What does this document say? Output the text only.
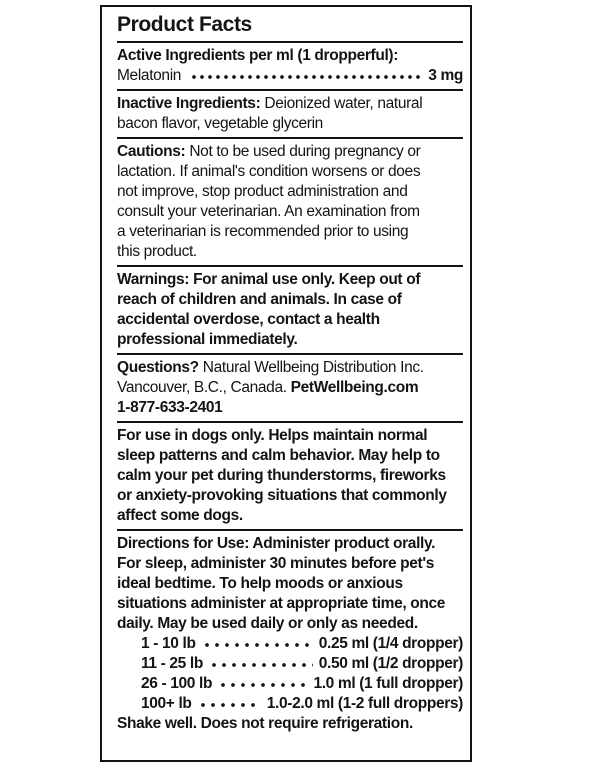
Product Facts
Active Ingredients per ml (1 dropperful):
Melatonin	3 mg
Inactive Ingredients: Deionized water, natural
bacon flavor, vegetable glycerin
Cautions: Not to be used during pregnancy or
lactation. If animal's condition worsens or does
not improve, stop product administration and
consult your veterinarian. An examination from
a veterinarian is recommended prior to using
this product.
Warnings: For animal use only. Keep out of
reach of children and animals. In case of
accidental overdose, contact a health
professional immediately.
Questions? Natural Wellbeing Distribution Inc.
Vancouver, B.C., Canada. PetWellbeing.com
1-877-633-2401
For use in dogs only. Helps maintain normal
sleep patterns and calm behavior. May help to
calm your pet during thunderstorms, fireworks
or anxiety-provoking situations that commonly
affect some dogs.
Directions for Use: Administer product orally.
For sleep, administer 30 minutes before pet's
ideal bedtime. To help moods or anxious
situations administer at appropriate time, once
daily. May be used daily or only as needed.
1 - 10 lb	0.25 ml (1/4 dropper)
11 - 25 lb	0.50 ml (1/2 dropper)
26 - 100 lb	1.0 ml (1 full dropper)
100+ lb	1.0-2.0 ml (1-2 full droppers)
Shake well. Does not require refrigeration.
